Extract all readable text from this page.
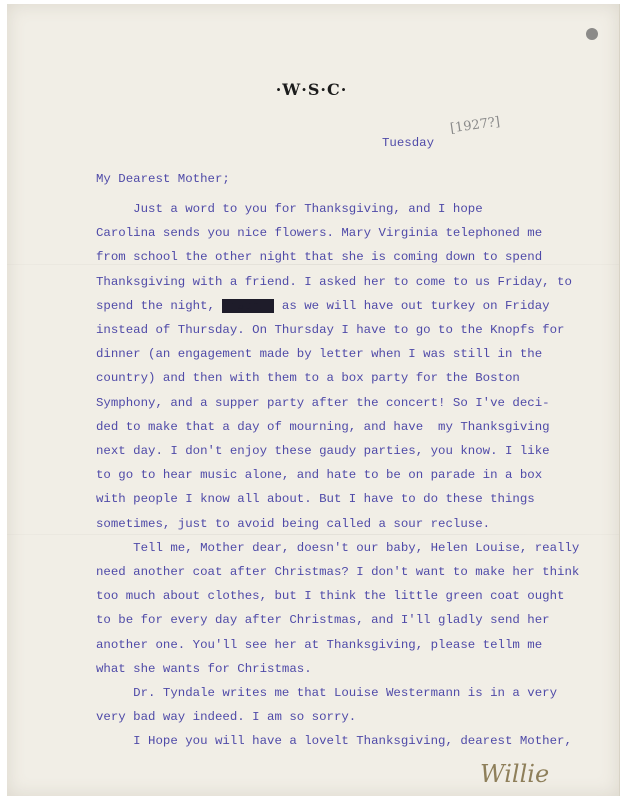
·W·S·C·
Tuesday
[1927?]
My Dearest Mother;
Just a word to you for Thanksgiving, and I hope
Carolina sends you nice flowers. Mary Virginia telephoned me
from school the other night that she is coming down to spend
Thanksgiving with a friend. I asked her to come to us Friday, to
spend the night, insomit as we will have out turkey on Friday
instead of Thursday. On Thursday I have to go to the Knopfs for
dinner (an engagement made by letter when I was still in the
country) and then with them to a box party for the Boston
Symphony, and a supper party after the concert! So I've deci-
ded to make that a day of mourning, and have  my Thanksgiving
next day. I don't enjoy these gaudy parties, you know. I like
to go to hear music alone, and hate to be on parade in a box
with people I know all about. But I have to do these things
sometimes, just to avoid being called a sour recluse.
Tell me, Mother dear, doesn't our baby, Helen Louise, really
need another coat after Christmas? I don't want to make her think
too much about clothes, but I think the little green coat ought
to be for every day after Christmas, and I'll gladly send her
another one. You'll see her at Thanksgiving, please tellm me
what she wants for Christmas.
Dr. Tyndale writes me that Louise Westermann is in a very
very bad way indeed. I am so sorry.
I Hope you will have a lovelt Thanksgiving, dearest Mother,
Willie
